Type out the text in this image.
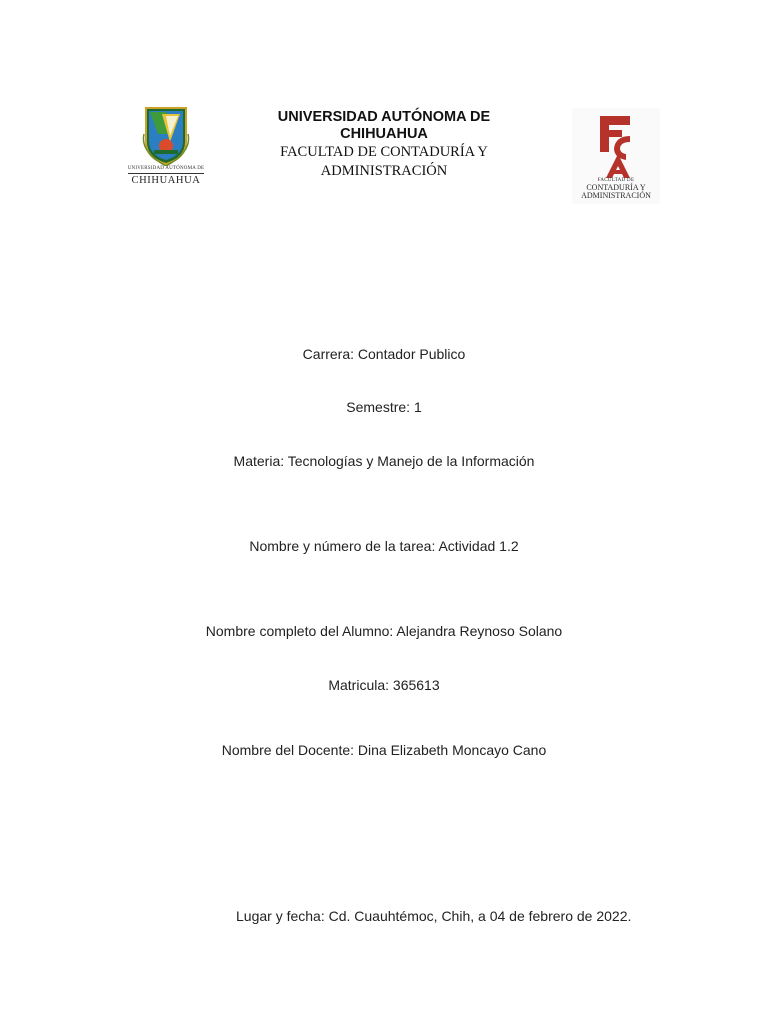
UNIVERSIDAD AUTÓNOMA DE
CHIHUAHUA

UNIVERSIDAD AUTÓNOMA DE

CHIHUAHUA

FACULTAD DE CONTADURÍA Y

ADMINISTRACIÓN

FACULTAD DE
CONTADURÍA Y
ADMINISTRACIÓN
Carrera: Contador Publico
Semestre: 1
Materia: Tecnologías y Manejo de la Información
Nombre y número de la tarea: Actividad 1.2
Nombre completo del Alumno: Alejandra Reynoso Solano
Matricula: 365613
Nombre del Docente: Dina Elizabeth Moncayo Cano
Lugar y fecha: Cd. Cuauhtémoc, Chih, a 04 de febrero de 2022.
